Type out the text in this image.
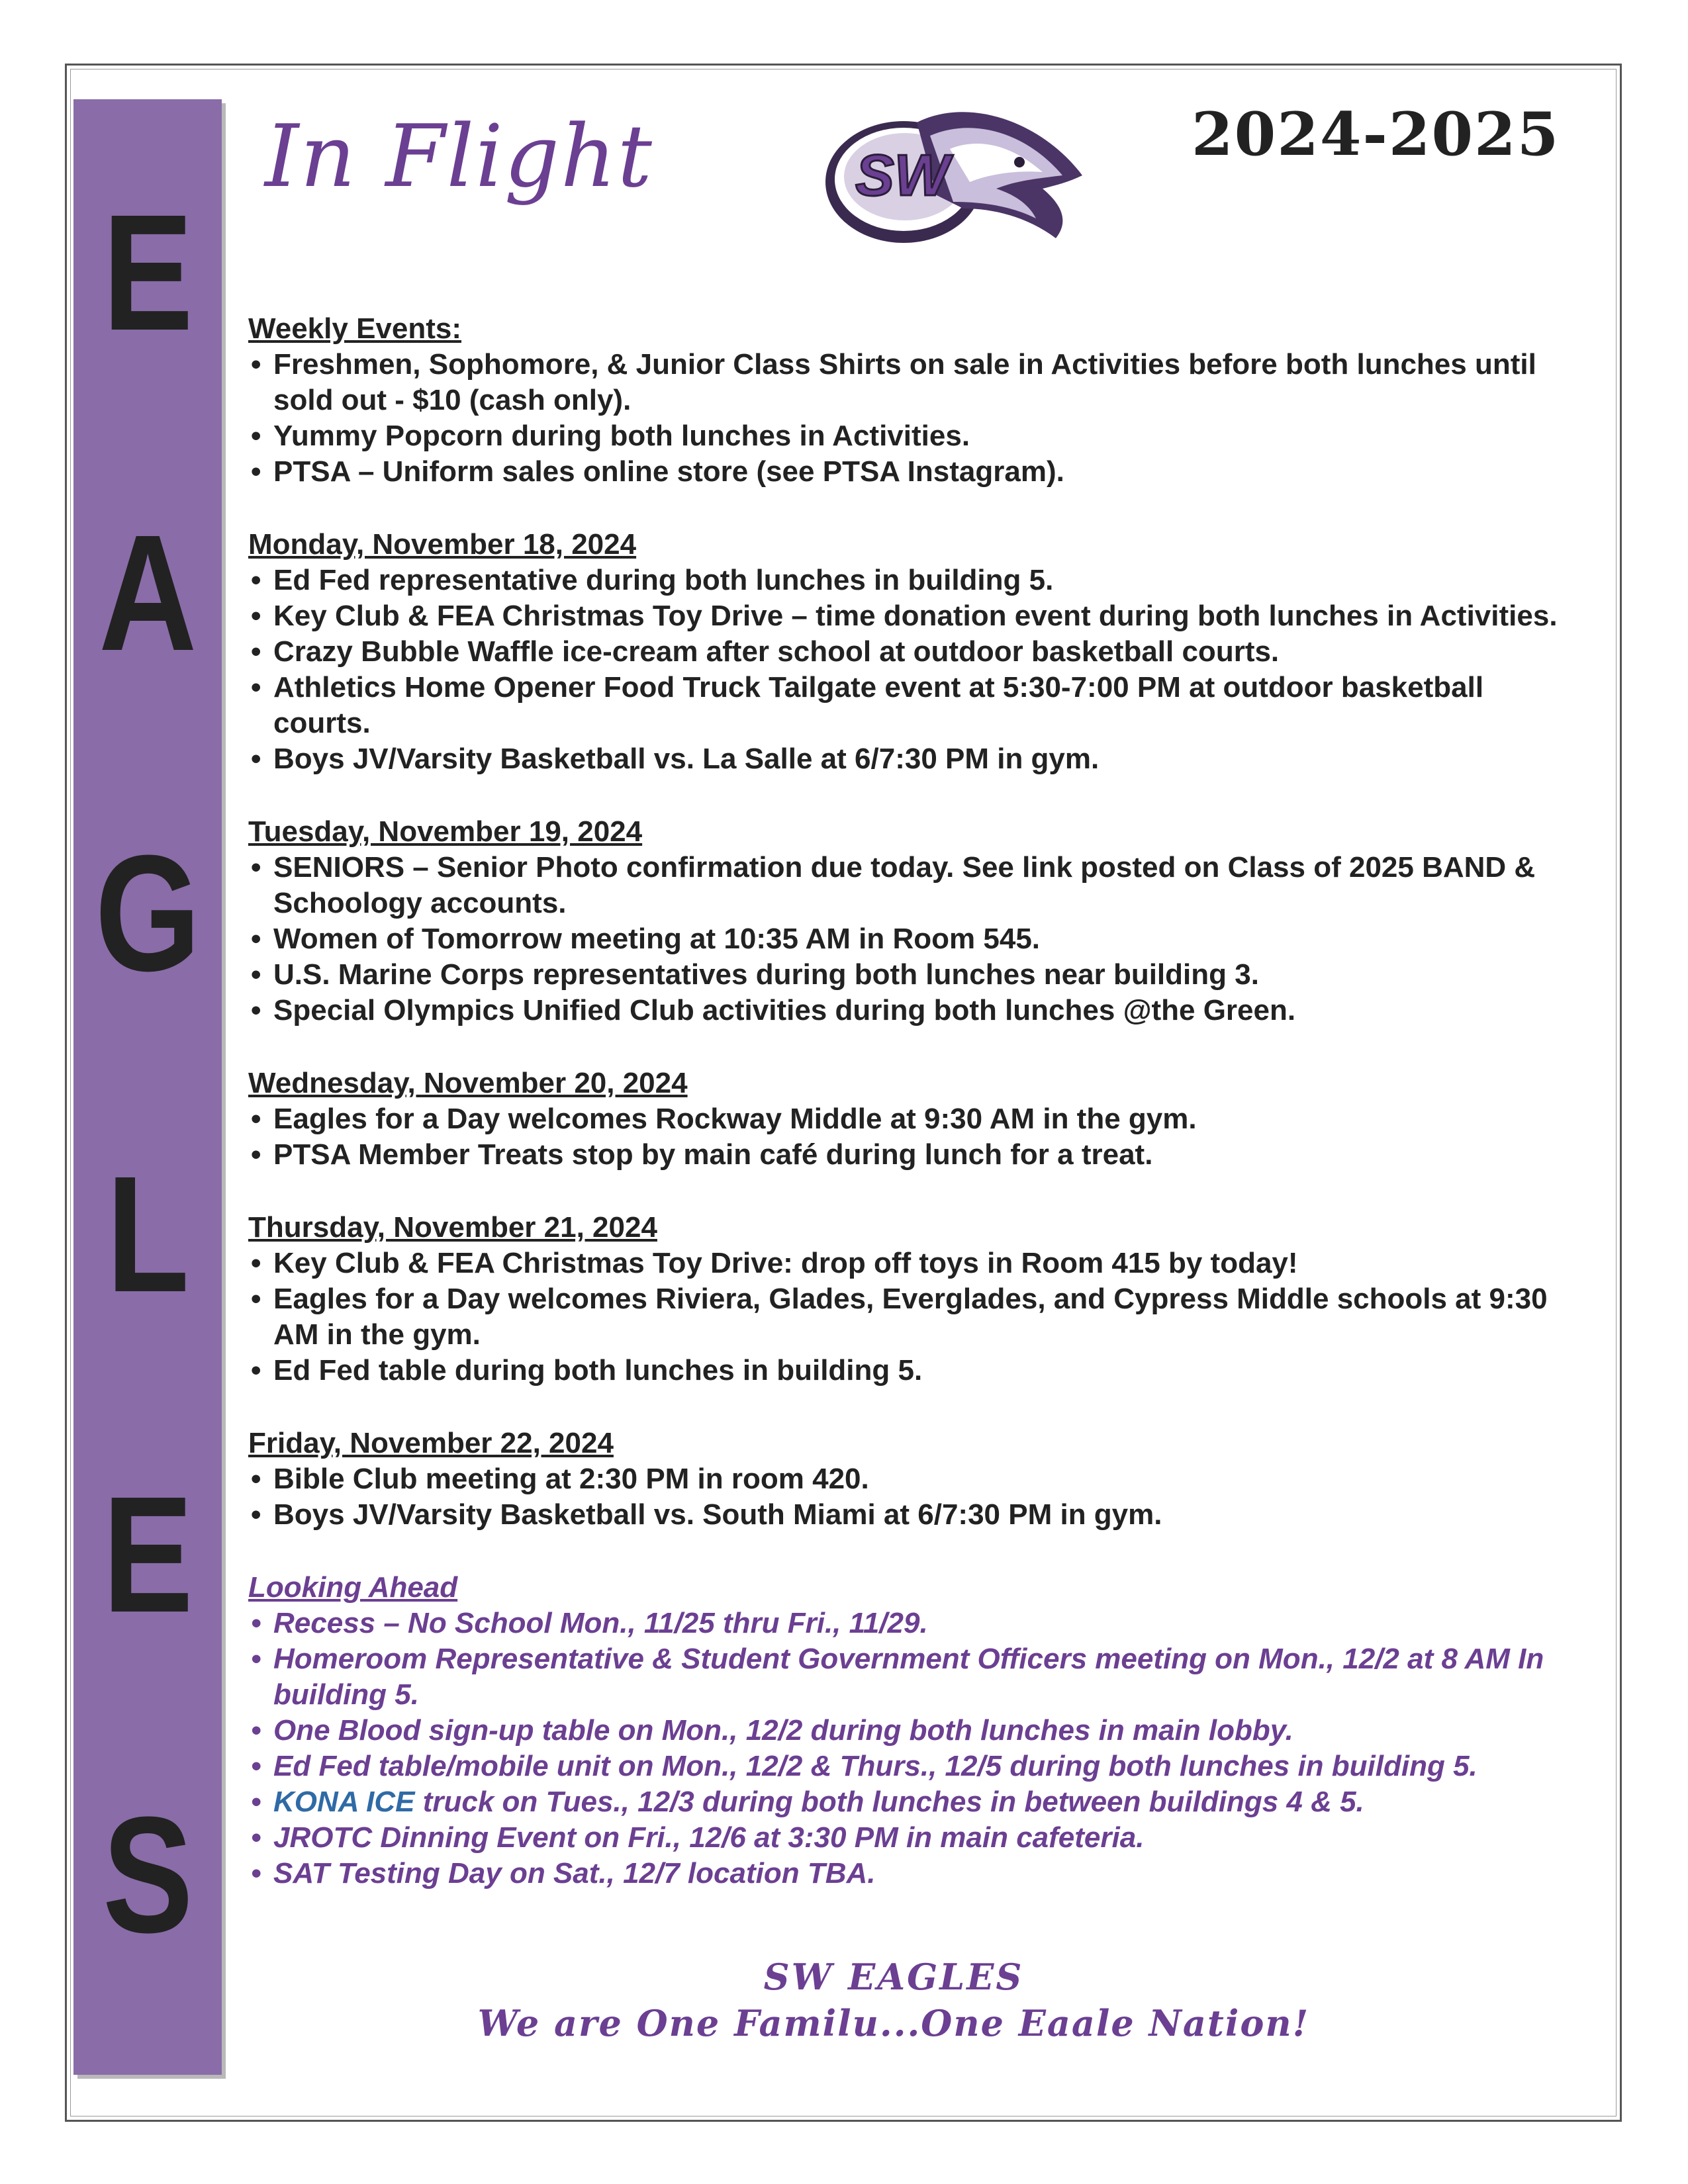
E
A
G
L
E
S
In Flight	SW
2024-2025

Weekly Events:

• Freshmen, Sophomore, & Junior Class Shirts on sale in Activities before both lunches until sold out - $10 (cash only).
• Yummy Popcorn during both lunches in Activities.
• PTSA – Uniform sales online store (see PTSA Instagram).

Monday, November 18, 2024

• Ed Fed representative during both lunches in building 5.
• Key Club & FEA Christmas Toy Drive – time donation event during both lunches in Activities.
• Crazy Bubble Waffle ice-cream after school at outdoor basketball courts.
• Athletics Home Opener Food Truck Tailgate event at 5:30-7:00 PM at outdoor basketball courts.
• Boys JV/Varsity Basketball vs. La Salle at 6/7:30 PM in gym.

Tuesday, November 19, 2024

• SENIORS – Senior Photo confirmation due today. See link posted on Class of 2025 BAND & Schoology accounts.
• Women of Tomorrow meeting at 10:35 AM in Room 545.
• U.S. Marine Corps representatives during both lunches near building 3.
• Special Olympics Unified Club activities during both lunches @the Green.

Wednesday, November 20, 2024

• Eagles for a Day welcomes Rockway Middle at 9:30 AM in the gym.
• PTSA Member Treats stop by main café during lunch for a treat.

Thursday, November 21, 2024

• Key Club & FEA Christmas Toy Drive: drop off toys in Room 415 by today!
• Eagles for a Day welcomes Riviera, Glades, Everglades, and Cypress Middle schools at 9:30 AM in the gym.
• Ed Fed table during both lunches in building 5.

Friday, November 22, 2024

• Bible Club meeting at 2:30 PM in room 420.
• Boys JV/Varsity Basketball vs. South Miami at 6/7:30 PM in gym.

Looking Ahead

• Recess – No School Mon., 11/25 thru Fri., 11/29.
• Homeroom Representative & Student Government Officers meeting on Mon., 12/2 at 8 AM In building 5.
• One Blood sign-up table on Mon., 12/2 during both lunches in main lobby.
• Ed Fed table/mobile unit on Mon., 12/2 & Thurs., 12/5 during both lunches in building 5.
• KONA ICE truck on Tues., 12/3 during both lunches in between buildings 4 & 5.
• JROTC Dinning Event on Fri., 12/6 at 3:30 PM in main cafeteria.
• SAT Testing Day on Sat., 12/7 location TBA.
SW EAGLES
We are One Familu...One Eaale Nation!
